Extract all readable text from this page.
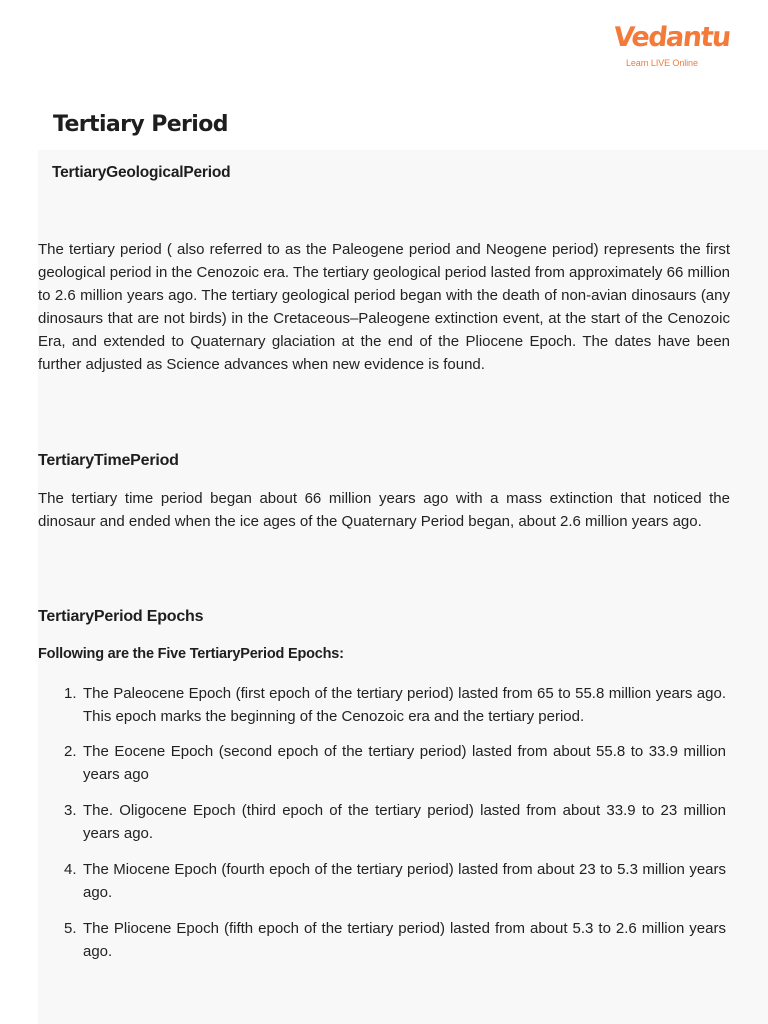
Vedantu
Learn LIVE Online
Tertiary Period
TertiaryGeologicalPeriod
The tertiary period ( also referred to as the Paleogene period and Neogene period) represents the first geological period in the Cenozoic era. The tertiary geological period lasted from approximately 66 million to 2.6 million years ago. The tertiary geological period began with the death of non-avian dinosaurs (any dinosaurs that are not birds) in the Cretaceous–Paleogene extinction event, at the start of the Cenozoic Era, and extended to Quaternary glaciation at the end of the Pliocene Epoch. The dates have been further adjusted as Science advances when new evidence is found.
TertiaryTimePeriod
The tertiary time period began about 66 million years ago with a mass extinction that noticed the dinosaur and ended when the ice ages of the Quaternary Period began, about 2.6 million years ago.
TertiaryPeriod Epochs
Following are the Five TertiaryPeriod Epochs:
1. The Paleocene Epoch (first epoch of the tertiary period) lasted from 65 to 55.8 million years ago. This epoch marks the beginning of the Cenozoic era and the tertiary period.
2. The Eocene Epoch (second epoch of the tertiary period) lasted from about 55.8 to 33.9 million years ago
3. The. Oligocene Epoch (third epoch of the tertiary period) lasted from about 33.9 to 23 million years ago.
4. The Miocene Epoch (fourth epoch of the tertiary period) lasted from about 23 to 5.3 million years ago.
5. The Pliocene Epoch (fifth epoch of the tertiary period) lasted from about 5.3 to 2.6 million years ago.
